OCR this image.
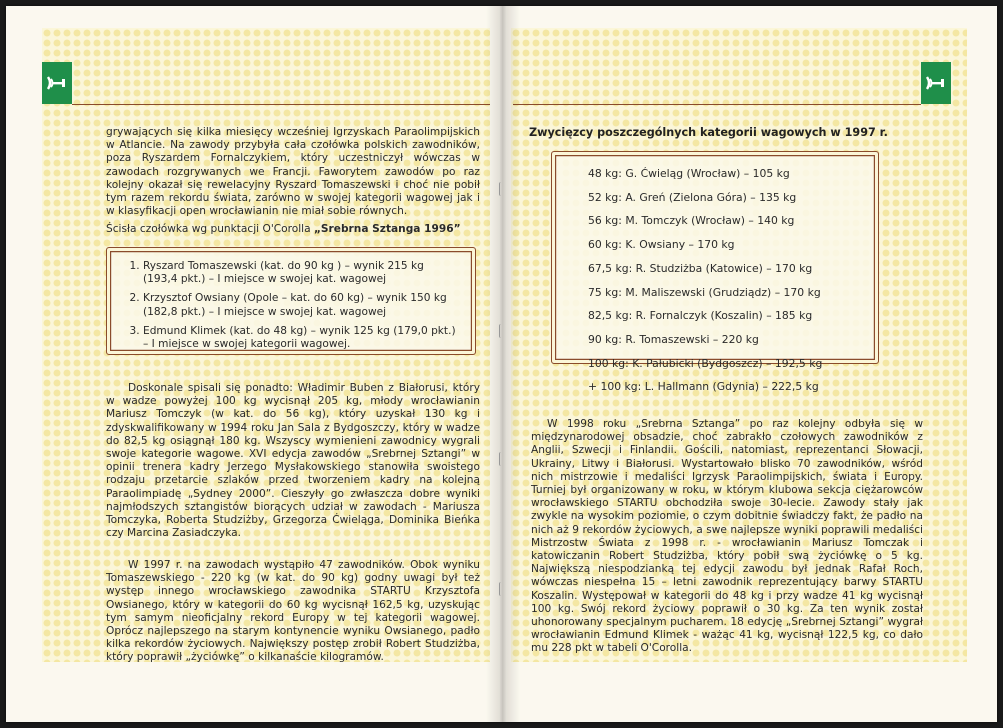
grywających się kilka miesięcy wcześniej Igrzyskach Paraolimpijskich w Atlancie. Na zawody przybyła cała czołówka polskich zawodników, poza Ryszardem Fornalczykiem, który uczestniczył wówczas w zawodach rozgrywanych we Francji. Faworytem zawodów po raz kolejny okazał się rewelacyjny Ryszard Tomaszewski i choć nie pobił tym razem rekordu świata, zarówno w swojej kategorii wagowej jak i w klasyfikacji open wrocławianin nie miał sobie równych.

Ścisła czołówka wg punktacji O'Corolla „Srebrna Sztanga 1996”
1. Ryszard Tomaszewski (kat. do 90 kg ) – wynik 215 kg (193,4 pkt.) – I miejsce w swojej kat. wagowej
2. Krzysztof Owsiany (Opole – kat. do 60 kg) – wynik 150 kg (182,8 pkt.) – I miejsce w swojej kat. wagowej
3. Edmund Klimek (kat. do 48 kg) – wynik 125 kg (179,0 pkt.) – I miejsce w swojej kategorii wagowej.

Doskonale spisali się ponadto: Władimir Buben z Białorusi, który w wadze powyżej 100 kg wycisnął 205 kg, młody wrocławianin Mariusz Tomczyk (w kat. do 56 kg), który uzyskał 130 kg i zdyskwalifikowany w 1994 roku Jan Sala z Bydgoszczy, który w wadze do 82,5 kg osiągnął 180 kg. Wszyscy wymienieni zawodnicy wygrali swoje kategorie wagowe. XVI edycja zawodów „Srebrnej Sztangi” w opinii trenera kadry Jerzego Mysłakowskiego stanowiła swoistego rodzaju przetarcie szlaków przed tworzeniem kadry na kolejną Paraolimpiadę „Sydney 2000”. Cieszyły go zwłaszcza dobre wyniki najmłodszych sztangistów biorących udział w zawodach - Mariusza Tomczyka, Roberta Studziżby, Grzegorza Ćwieląga, Dominika Bieńka czy Marcina Zasiadczyka.

W 1997 r. na zawodach wystąpiło 47 zawodników. Obok wyniku Tomaszewskiego - 220 kg (w kat. do 90 kg) godny uwagi był też występ innego wrocławskiego zawodnika STARTU Krzysztofa Owsianego, który w kategorii do 60 kg wycisnął 162,5 kg, uzyskując tym samym nieoficjalny rekord Europy w tej kategorii wagowej. Oprócz najlepszego na starym kontynencie wyniku Owsianego, padło kilka rekordów życiowych. Największy postęp zrobił Robert Studziżba, który poprawił „życiówkę” o kilkanaście kilogramów.

Zwycięzcy poszczególnych kategorii wagowych w 1997 r.
48 kg: G. Ćwieląg (Wrocław) – 105 kg
52 kg: A. Greń (Zielona Góra) – 135 kg
56 kg: M. Tomczyk (Wrocław) – 140 kg
60 kg: K. Owsiany – 170 kg
67,5 kg: R. Studziżba (Katowice) – 170 kg
75 kg: M. Maliszewski (Grudziądz) – 170 kg
82,5 kg: R. Fornalczyk (Koszalin) – 185 kg
90 kg: R. Tomaszewski – 220 kg
100 kg: K. Pałubicki (Bydgoszcz) – 192,5 kg
+ 100 kg: L. Hallmann (Gdynia) – 222,5 kg

W 1998 roku „Srebrna Sztanga” po raz kolejny odbyła się w międzynarodowej obsadzie, choć zabrakło czołowych zawodników z Anglii, Szwecji i Finlandii. Gościli, natomiast, reprezentanci Słowacji, Ukrainy, Litwy i Białorusi. Wystartowało blisko 70 zawodników, wśród nich mistrzowie i medaliści Igrzysk Paraolimpijskich, świata i Europy. Turniej był organizowany w roku, w którym klubowa sekcja ciężarowców wrocławskiego STARTU obchodziła swoje 30-lecie. Zawody stały jak zwykle na wysokim poziomie, o czym dobitnie świadczy fakt, że padło na nich aż 9 rekordów życiowych, a swe najlepsze wyniki poprawili medaliści Mistrzostw Świata z 1998 r. - wrocławianin Mariusz Tomczak i katowiczanin Robert Studziżba, który pobił swą życiówkę o 5 kg. Największą niespodzianką tej edycji zawodu był jednak Rafał Roch, wówczas niespełna 15 – letni zawodnik reprezentujący barwy STARTU Koszalin. Występował w kategorii do 48 kg i przy wadze 41 kg wycisnął 100 kg. Swój rekord życiowy poprawił o 30 kg. Za ten wynik został uhonorowany specjalnym pucharem. 18 edycję „Srebrnej Sztangi” wygrał wrocławianin Edmund Klimek - ważąc 41 kg, wycisnął 122,5 kg, co dało mu 228 pkt w tabeli O'Corolla.
